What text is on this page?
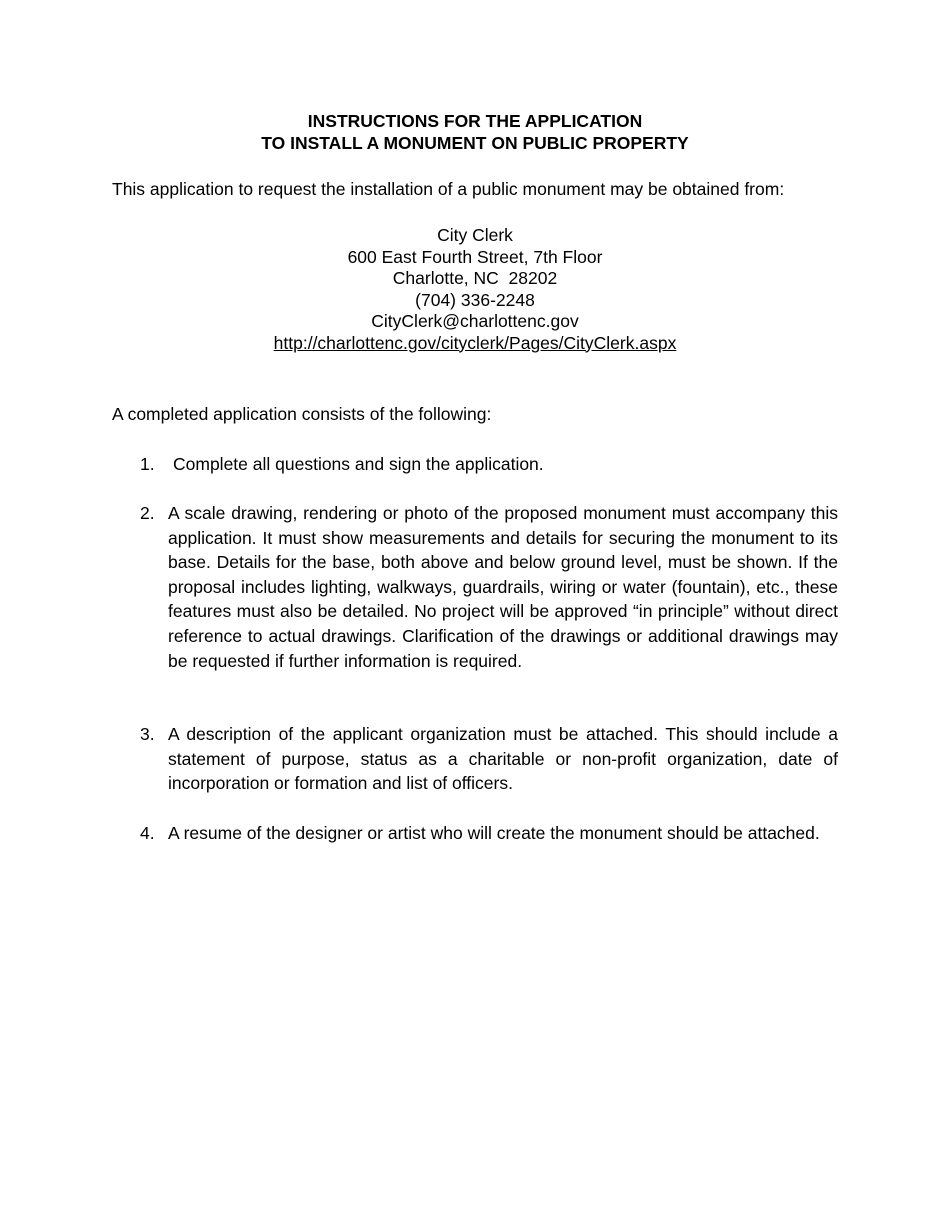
INSTRUCTIONS FOR THE APPLICATION
TO INSTALL A MONUMENT ON PUBLIC PROPERTY
This application to request the installation of a public monument may be obtained from:
City Clerk
600 East Fourth Street, 7th Floor
Charlotte, NC  28202
(704) 336-2248
CityClerk@charlottenc.gov
http://charlottenc.gov/cityclerk/Pages/CityClerk.aspx
A completed application consists of the following:
1. Complete all questions and sign the application.
2. A scale drawing, rendering or photo of the proposed monument must accompany this application. It must show measurements and details for securing the monument to its base. Details for the base, both above and below ground level, must be shown. If the proposal includes lighting, walkways, guardrails, wiring or water (fountain), etc., these features must also be detailed. No project will be approved “in principle” without direct reference to actual drawings. Clarification of the drawings or additional drawings may be requested if further information is required.
3. A description of the applicant organization must be attached. This should include a statement of purpose, status as a charitable or non-profit organization, date of incorporation or formation and list of officers.
4. A resume of the designer or artist who will create the monument should be attached.
